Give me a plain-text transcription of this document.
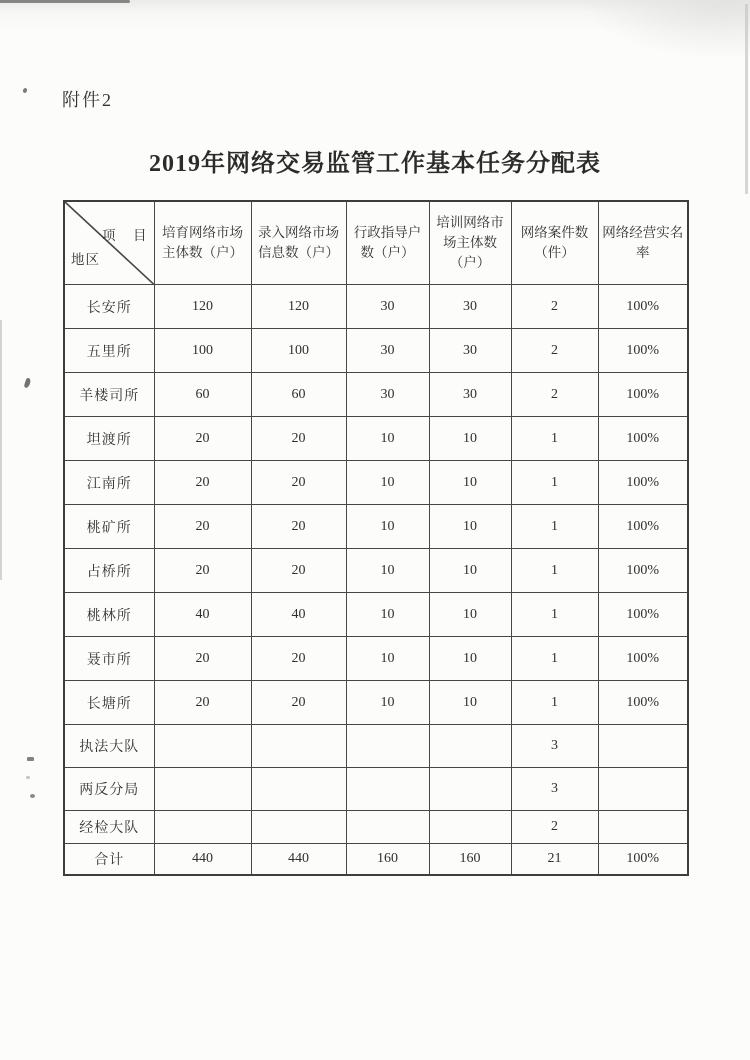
附件2
2019年网络交易监管工作基本任务分配表
项　目
地区	培育网络市场主体数（户）	录入网络市场信息数（户）	行政指导户数（户）	培训网络市场主体数（户）	网络案件数（件）	网络经营实名率
长安所	120	120	30	30	2	100%
五里所	100	100	30	30	2	100%
羊楼司所	60	60	30	30	2	100%
坦渡所	20	20	10	10	1	100%
江南所	20	20	10	10	1	100%
桃矿所	20	20	10	10	1	100%
占桥所	20	20	10	10	1	100%
桃林所	40	40	10	10	1	100%
聂市所	20	20	10	10	1	100%
长塘所	20	20	10	10	1	100%
执法大队					3	
两反分局					3	
经检大队					2	
合计	440	440	160	160	21	100%
